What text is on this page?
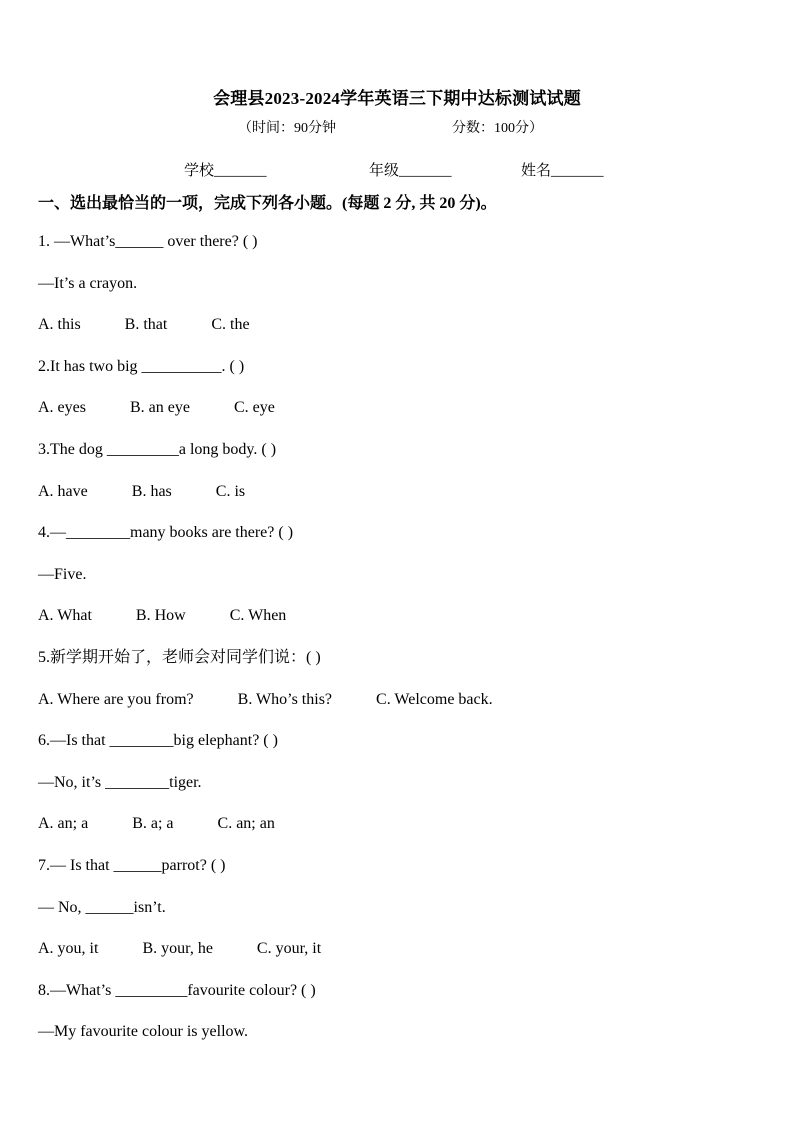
会理县2023-2024学年英语三下期中达标测试试题
（时间：90分钟	分数：100分）
学校_______	年级_______	姓名_______
一、选出最恰当的一项，完成下列各小题。(每题 2 分, 共 20 分)。
1. —What’s______ over there? ( )
—It’s a crayon.
A. this	B. that	C. the
2.It has two big __________. ( )
A. eyes	B. an eye	C. eye
3.The dog _________a long body. ( )
A. have	B. has	C. is
4.—________many books are there? ( )
—Five.
A. What	B. How	C. When
5.新学期开始了，老师会对同学们说：( )
A. Where are you from?	B. Who’s this?	C. Welcome back.
6.—Is that ________big elephant? ( )
—No, it’s ________tiger.
A. an; a	B. a; a	C. an; an
7.— Is that ______parrot? ( )
— No, ______isn’t.
A. you, it	B. your, he	C. your, it
8.—What’s _________favourite colour? ( )
—My favourite colour is yellow.
